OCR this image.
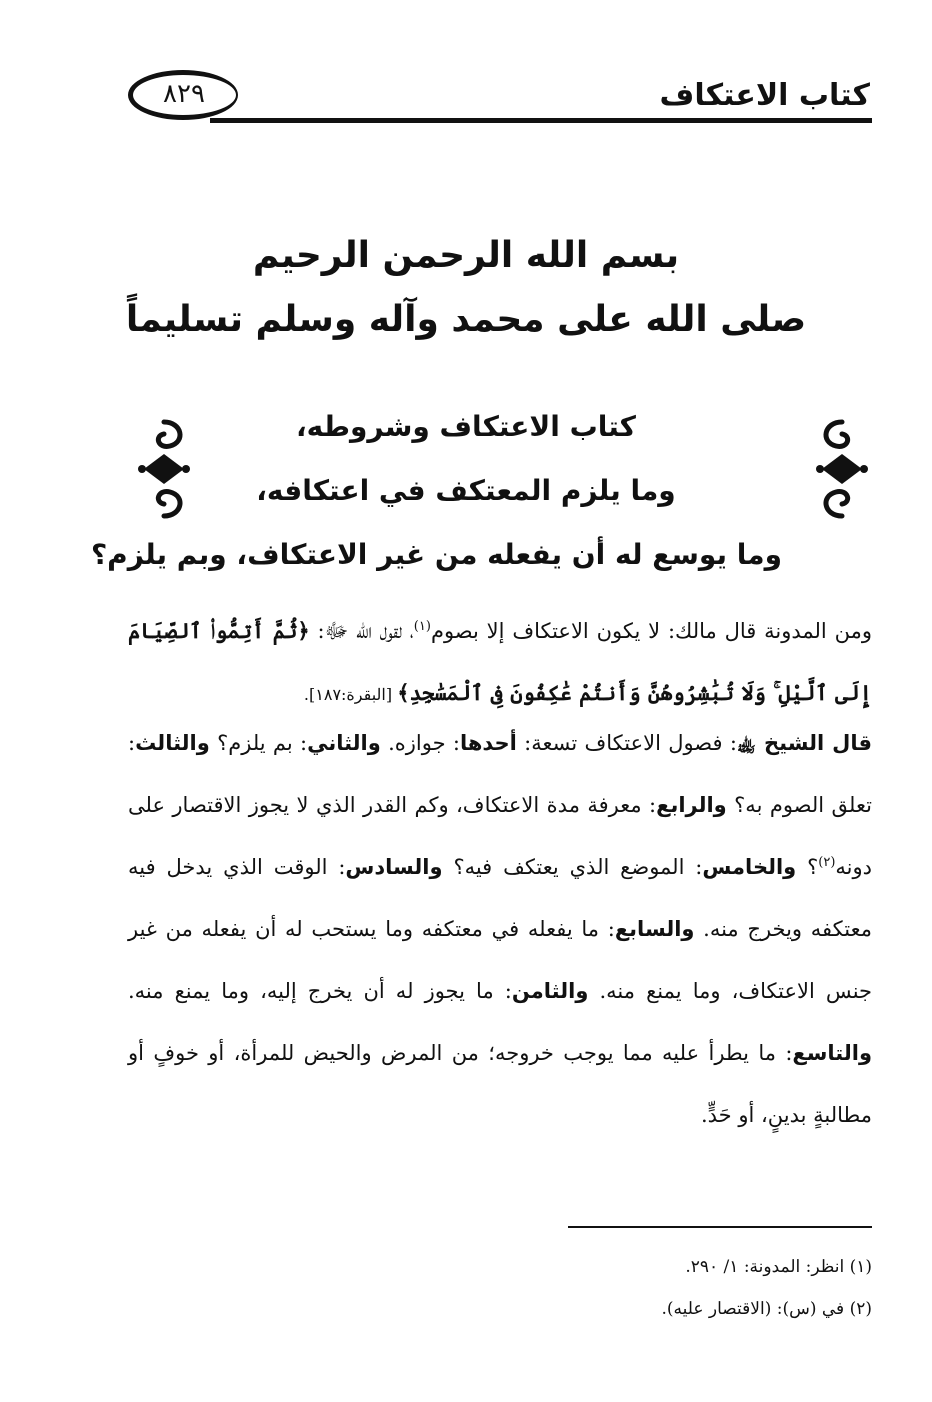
كتاب الاعتكاف
٨٢٩
بسم الله الرحمن الرحيم
صلى الله على محمد وآله وسلم تسليماً
كتاب الاعتكاف وشروطه،
وما يلزم المعتكف في اعتكافه،
وما يوسع له أن يفعله من غير الاعتكاف، وبم يلزم؟
ومن المدونة قال مالك: لا يكون الاعتكاف إلا بصوم$^{(١)}$، لقول الله ﷻ: ﴿ثُمَّ أَتِمُّوا۟ ٱلصِّيَامَ إِلَى ٱلَّيْلِ ۚ وَلَا تُبَٰشِرُوهُنَّ وَأَنتُمْ عَٰكِفُونَ فِى ٱلْمَسَٰجِدِ﴾ [البقرة:١٨٧].
قال الشيخ ﵀: فصول الاعتكاف تسعة: أحدها: جوازه. والثاني: بم يلزم؟ والثالث: تعلق الصوم به؟ والرابع: معرفة مدة الاعتكاف، وكم القدر الذي لا يجوز الاقتصار على دونه$^{(٢)}$؟ والخامس: الموضع الذي يعتكف فيه؟ والسادس: الوقت الذي يدخل فيه معتكفه ويخرج منه. والسابع: ما يفعله في معتكفه وما يستحب له أن يفعله من غير جنس الاعتكاف، وما يمنع منه. والثامن: ما يجوز له أن يخرج إليه، وما يمنع منه. والتاسع: ما يطرأ عليه مما يوجب خروجه؛ من المرض والحيض للمرأة، أو خوفٍ أو مطالبةٍ بدينٍ، أو حَدٍّ.
(١) انظر: المدونة: ١/ ٢٩٠.
(٢) في (س): (الاقتصار عليه).
